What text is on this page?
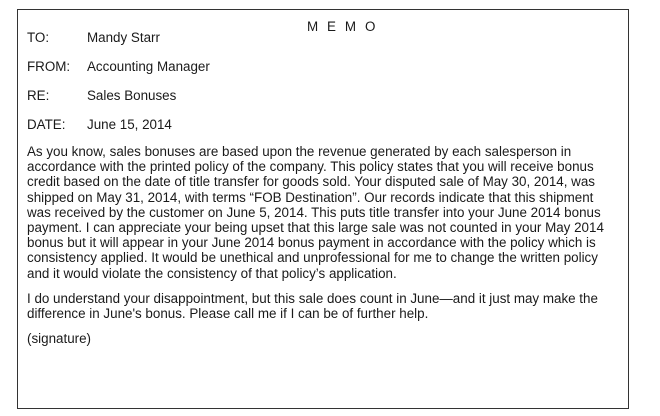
M E M O
TO:	Mandy Starr
FROM:	Accounting Manager
RE:	Sales Bonuses
DATE:	June 15, 2014

As you know, sales bonuses are based upon the revenue generated by each salesperson in accordance with the printed policy of the company. This policy states that you will receive bonus credit based on the date of title transfer for goods sold. Your disputed sale of May 30, 2014, was shipped on May 31, 2014, with terms “FOB Destination”. Our records indicate that this shipment was received by the customer on June 5, 2014. This puts title transfer into your June 2014 bonus payment. I can appreciate your being upset that this large sale was not counted in your May 2014 bonus but it will appear in your June 2014 bonus payment in accordance with the policy which is consistency applied. It would be unethical and unprofessional for me to change the written policy and it would violate the consistency of that policy’s application.

I do understand your disappointment, but this sale does count in June—and it just may make the difference in June's bonus. Please call me if I can be of further help.

(signature)
